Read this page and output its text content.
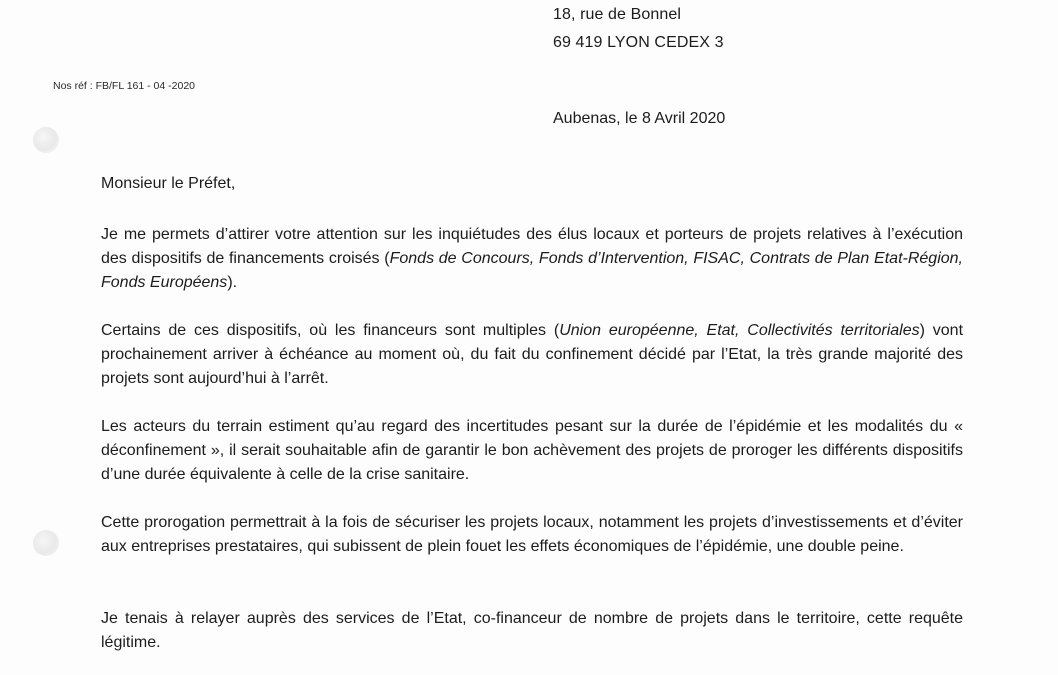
18, rue de Bonnel
69 419 LYON CEDEX 3
Nos réf : FB/FL 161 - 04 -2020
Aubenas, le 8 Avril 2020
Monsieur le Préfet,
Je me permets d’attirer votre attention sur les inquiétudes des élus locaux et porteurs de projets relatives à l’exécution des dispositifs de financements croisés (Fonds de Concours, Fonds d’Intervention, FISAC, Contrats de Plan Etat-Région, Fonds Européens).
Certains de ces dispositifs, où les financeurs sont multiples (Union européenne, Etat, Collectivités territoriales) vont prochainement arriver à échéance au moment où, du fait du confinement décidé par l’Etat, la très grande majorité des projets sont aujourd’hui à l’arrêt.
Les acteurs du terrain estiment qu’au regard des incertitudes pesant sur la durée de l’épidémie et les modalités du « déconfinement », il serait souhaitable afin de garantir le bon achèvement des projets de proroger les différents dispositifs d’une durée équivalente à celle de la crise sanitaire.
Cette prorogation permettrait à la fois de sécuriser les projets locaux, notamment les projets d’investissements et d’éviter aux entreprises prestataires, qui subissent de plein fouet les effets économiques de l’épidémie, une double peine.
Je tenais à relayer auprès des services de l’Etat, co-financeur de nombre de projets dans le territoire, cette requête légitime.
